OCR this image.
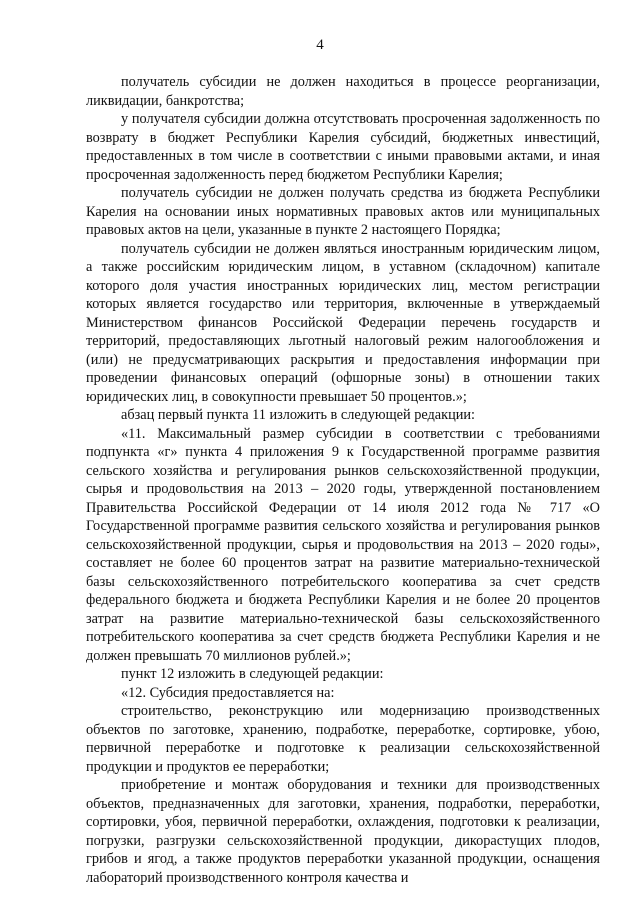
4

получатель субсидии не должен находиться в процессе реорганизации, ликвидации, банкротства;

у получателя субсидии должна отсутствовать просроченная задолженность по возврату в бюджет Республики Карелия субсидий, бюджетных инвестиций, предоставленных в том числе в соответствии с иными правовыми актами, и иная просроченная задолженность перед бюджетом Республики Карелия;

получатель субсидии не должен получать средства из бюджета Республики Карелия на основании иных нормативных правовых актов или муниципальных правовых актов на цели, указанные в пункте 2 настоящего Порядка;

получатель субсидии не должен являться иностранным юридическим лицом, а также российским юридическим лицом, в уставном (складочном) капитале которого доля участия иностранных юридических лиц, местом регистрации которых является государство или территория, включенные в утверждаемый Министерством финансов Российской Федерации перечень государств и территорий, предоставляющих льготный налоговый режим налогообложения и (или) не предусматривающих раскрытия и предоставления информации при проведении финансовых операций (офшорные зоны) в отношении таких юридических лиц, в совокупности превышает 50 процентов.»;

абзац первый пункта 11 изложить в следующей редакции:

«11. Максимальный размер субсидии в соответствии с требованиями подпункта «г» пункта 4 приложения 9 к Государственной программе развития сельского хозяйства и регулирования рынков сельскохозяйственной продукции, сырья и продовольствия на 2013 – 2020 годы, утвержденной постановлением Правительства Российской Федерации от 14 июля 2012 года № 717 «О Государственной программе развития сельского хозяйства и регулирования рынков сельскохозяйственной продукции, сырья и продовольствия на 2013 – 2020 годы», составляет не более 60 процентов затрат на развитие материально-технической базы сельскохозяйственного потребительского кооператива за счет средств федерального бюджета и бюджета Республики Карелия и не более 20 процентов затрат на развитие материально-технической базы сельскохозяйственного потребительского кооператива за счет средств бюджета Республики Карелия и не должен превышать 70 миллионов рублей.»;

пункт 12 изложить в следующей редакции:

«12. Субсидия предоставляется на:

строительство, реконструкцию или модернизацию производственных объектов по заготовке, хранению, подработке, переработке, сортировке, убою, первичной переработке и подготовке к реализации сельскохозяйственной продукции и продуктов ее переработки;

приобретение и монтаж оборудования и техники для производственных объектов, предназначенных для заготовки, хранения, подработки, переработки, сортировки, убоя, первичной переработки, охлаждения, подготовки к реализации, погрузки, разгрузки сельскохозяйственной продукции, дикорастущих плодов, грибов и ягод, а также продуктов переработки указанной продукции, оснащения лабораторий производственного контроля качества и
